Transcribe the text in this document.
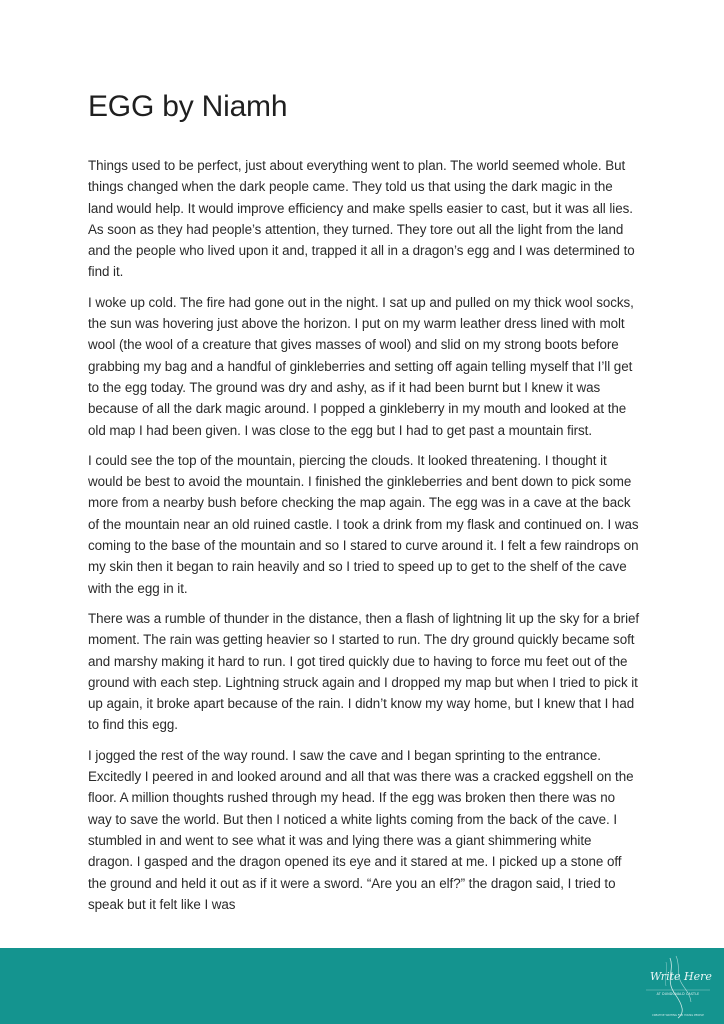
EGG by Niamh

Things used to be perfect, just about everything went to plan. The world seemed whole. But things changed when the dark people came. They told us that using the dark magic in the land would help. It would improve efficiency and make spells easier to cast, but it was all lies. As soon as they had people’s attention, they turned. They tore out all the light from the land and the people who lived upon it and, trapped it all in a dragon’s egg and I was determined to find it.

I woke up cold. The fire had gone out in the night. I sat up and pulled on my thick wool socks, the sun was hovering just above the horizon. I put on my warm leather dress lined with molt wool (the wool of a creature that gives masses of wool) and slid on my strong boots before grabbing my bag and a handful of ginkleberries and setting off again telling myself that I’ll get to the egg today. The ground was dry and ashy, as if it had been burnt but I knew it was because of all the dark magic around. I popped a ginkleberry in my mouth and looked at the old map I had been given. I was close to the egg but I had to get past a mountain first.

I could see the top of the mountain, piercing the clouds. It looked threatening. I thought it would be best to avoid the mountain. I finished the ginkleberries and bent down to pick some more from a nearby bush before checking the map again. The egg was in a cave at the back of the mountain near an old ruined castle. I took a drink from my flask and continued on. I was coming to the base of the mountain and so I stared to curve around it. I felt a few raindrops on my skin then it began to rain heavily and so I tried to speed up to get to the shelf of the cave with the egg in it.

There was a rumble of thunder in the distance, then a flash of lightning lit up the sky for a brief moment. The rain was getting heavier so I started to run. The dry ground quickly became soft and marshy making it hard to run. I got tired quickly due to having to force mu feet out of the ground with each step. Lightning struck again and I dropped my map but when I tried to pick it up again, it broke apart because of the rain. I didn’t know my way home, but I knew that I had to find this egg.

I jogged the rest of the way round. I saw the cave and I began sprinting to the entrance. Excitedly I peered in and looked around and all that was there was a cracked eggshell on the floor. A million thoughts rushed through my head. If the egg was broken then there was no way to save the world. But then I noticed a white lights coming from the back of the cave. I stumbled in and went to see what it was and lying there was a giant shimmering white dragon. I gasped and the dragon opened its eye and it stared at me. I picked up a stone off the ground and held it out as if it were a sword. “Are you an elf?” the dragon said, I tried to speak but it felt like I was

Write Here
AT DUNDONALD CASTLE
CREATIVE WRITING FOR YOUNG PEOPLE
